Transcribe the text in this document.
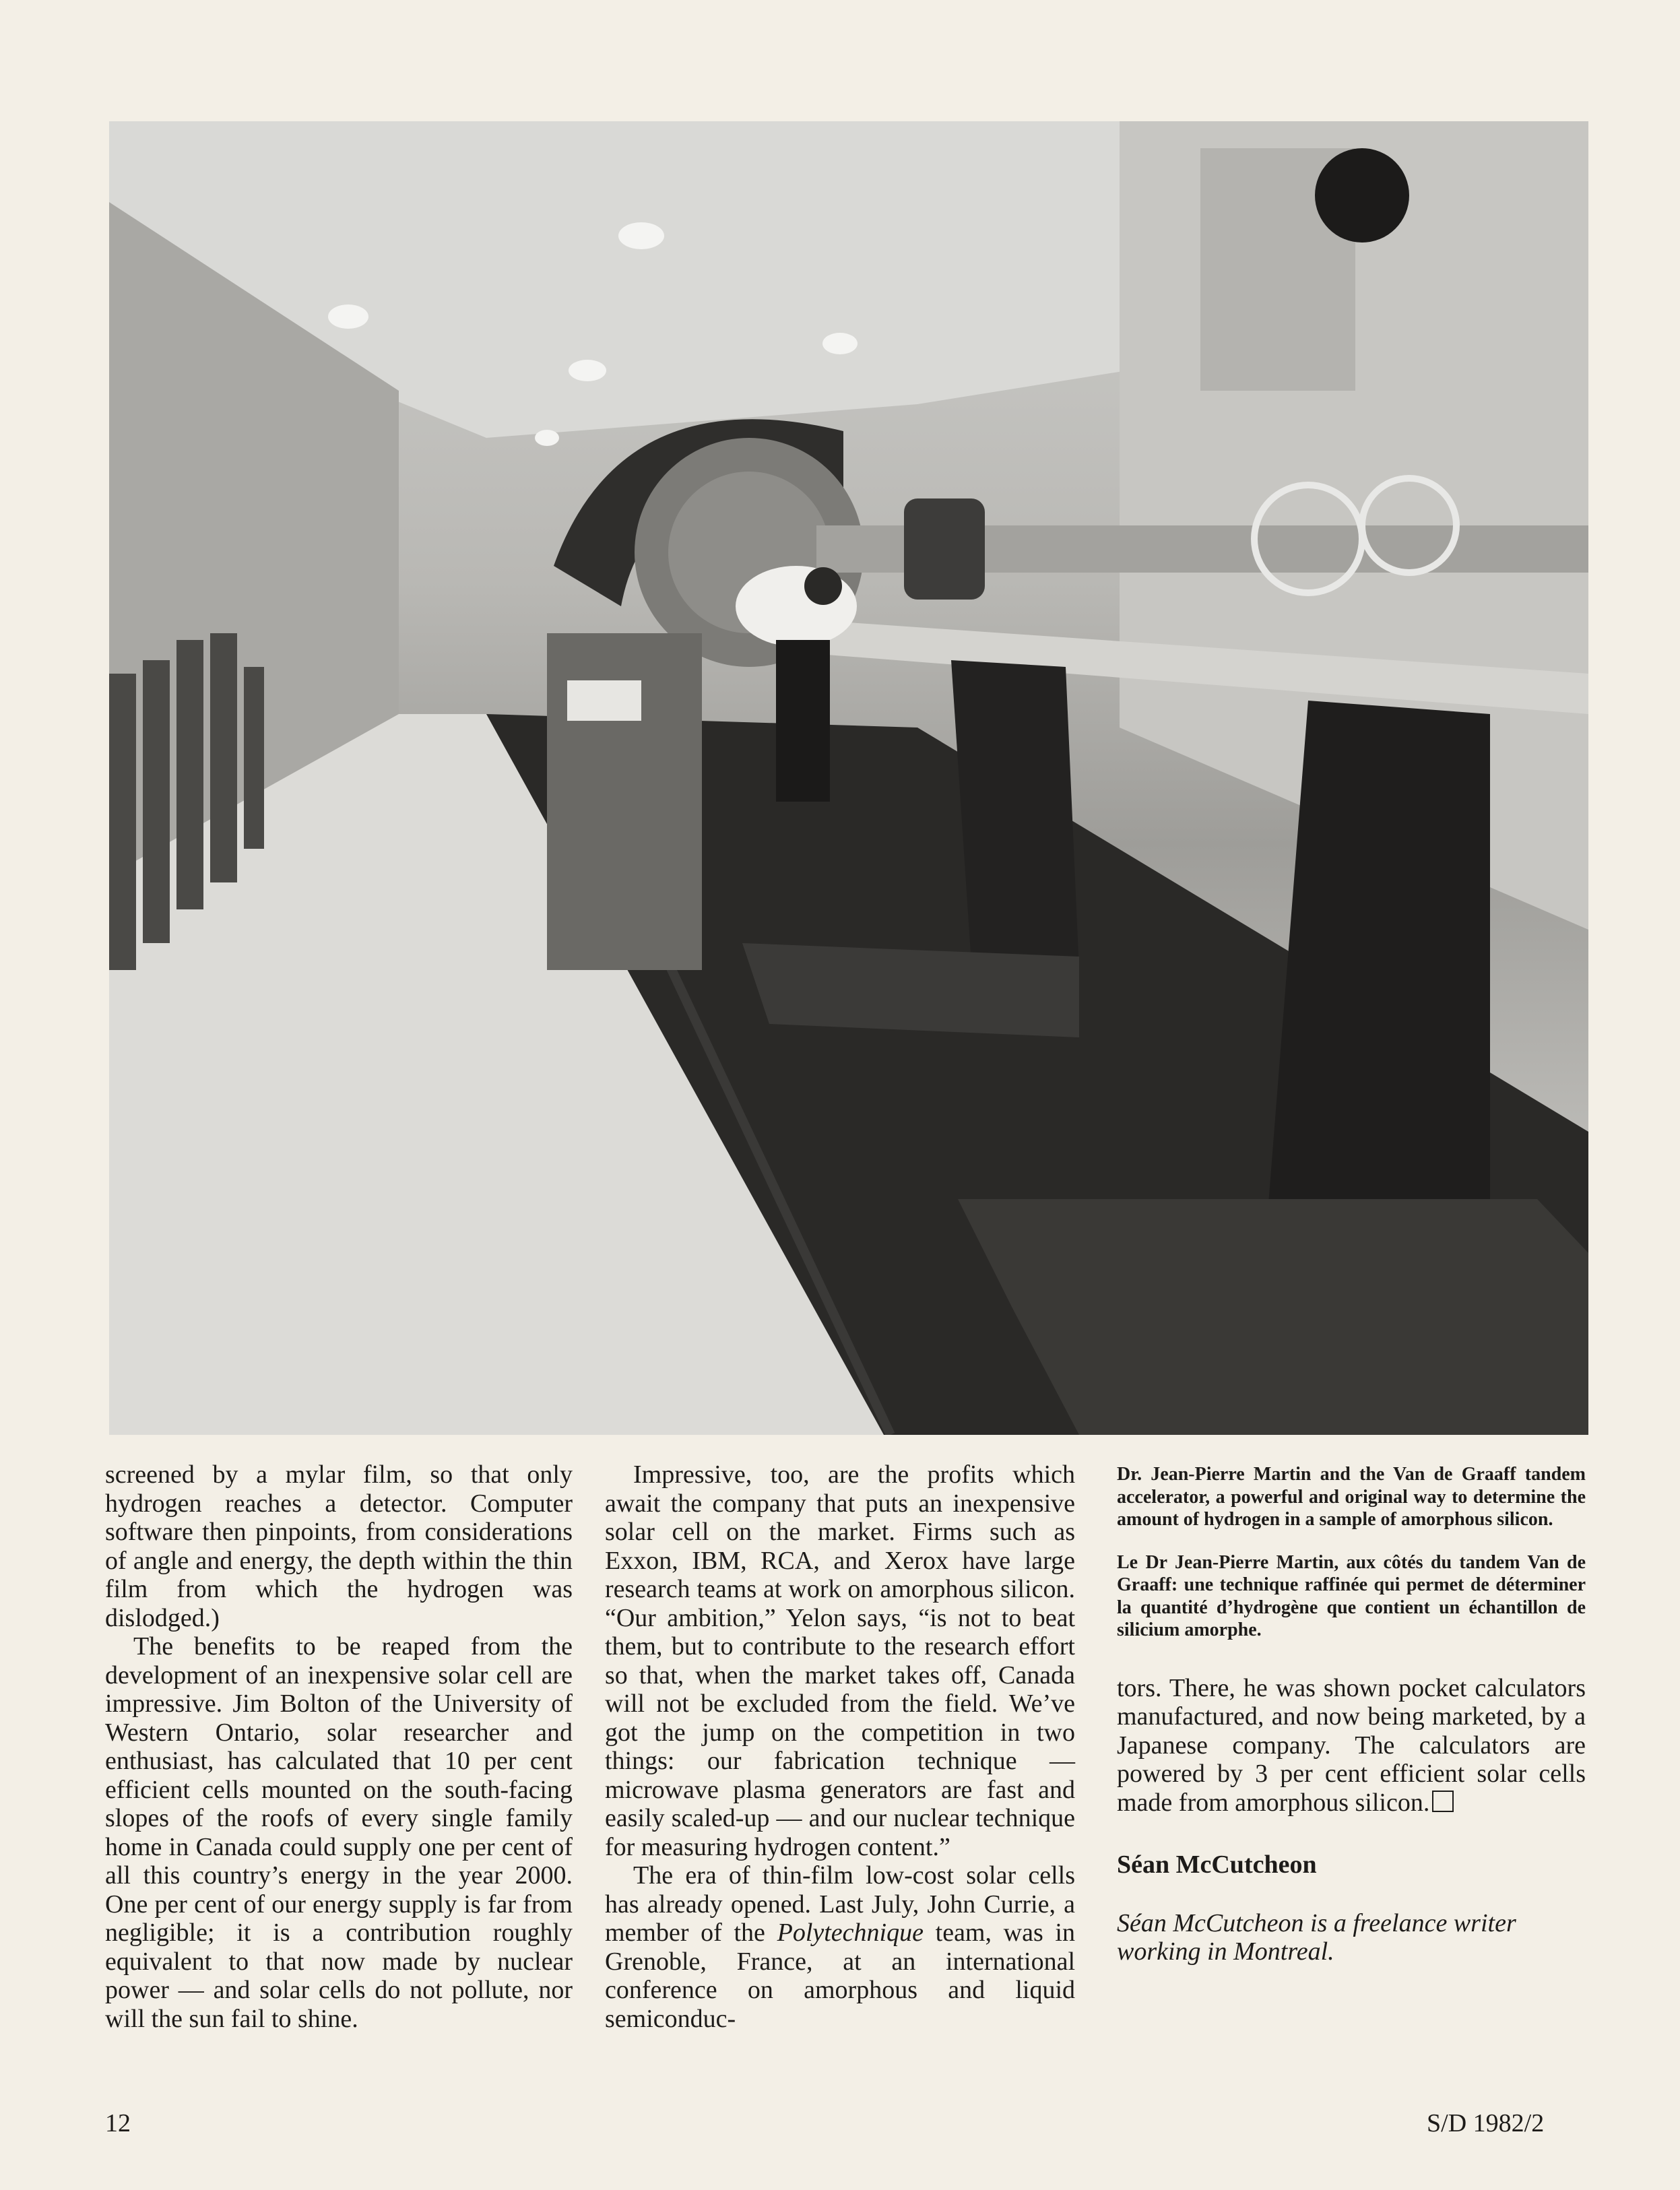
screened by a mylar film, so that only hydrogen reaches a detector. Computer software then pinpoints, from considerations of angle and energy, the depth within the thin film from which the hydrogen was dislodged.)

The benefits to be reaped from the development of an inexpensive solar cell are impressive. Jim Bolton of the University of Western Ontario, solar researcher and enthusiast, has calculated that 10 per cent efficient cells mounted on the south-facing slopes of the roofs of every single family home in Canada could supply one per cent of all this country’s energy in the year 2000. One per cent of our energy supply is far from negligible; it is a contribution roughly equivalent to that now made by nuclear power — and solar cells do not pollute, nor will the sun fail to shine.

Impressive, too, are the profits which await the company that puts an inexpensive solar cell on the market. Firms such as Exxon, IBM, RCA, and Xerox have large research teams at work on amorphous silicon. “Our ambition,” Yelon says, “is not to beat them, but to contribute to the research effort so that, when the market takes off, Canada will not be excluded from the field. We’ve got the jump on the competition in two things: our fabrication technique — microwave plasma generators are fast and easily scaled-up — and our nuclear technique for measuring hydrogen content.”

The era of thin-film low-cost solar cells has already opened. Last July, John Currie, a member of the Polytechnique team, was in Grenoble, France, at an international conference on amorphous and liquid semiconduc-

Dr. Jean-Pierre Martin and the Van de Graaff tandem accelerator, a powerful and original way to determine the amount of hydrogen in a sample of amorphous silicon.
Le Dr Jean-Pierre Martin, aux côtés du tandem Van de Graaff: une technique raffinée qui permet de déterminer la quantité d’hydrogène que contient un échantillon de silicium amorphe.

tors. There, he was shown pocket calculators manufactured, and now being marketed, by a Japanese company. The calculators are powered by 3 per cent efficient solar cells made from amorphous silicon.

Séan McCutcheon

Séan McCutcheon is a freelance writer working in Montreal.

12	S/D 1982/2
